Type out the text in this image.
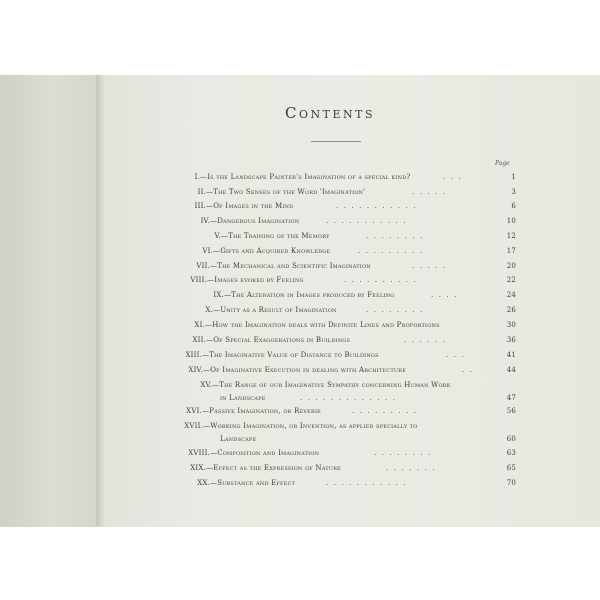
Contents
Page
I. —Is the Landscape Painter's Imagination of a special kind?	...	1
II. —The Two Senses of the Word 'Imagination'	.....	3
III. —Of Images in the Mind	...........	6
IV. —Dangerous Imagination	...........	10
V. —The Training of the Memory	........	12
VI. —Gifts and Acquired Knowledge	.........	17
VII. —The Mechanical and Scientific Imagination	.....	20
VIII. —Images evoked by Feeling	..........	22
IX. —The Alteration in Images produced by Feeling	....	24
X. —Unity as a Result of Imagination	........	26
XI. —How the Imagination deals with Definite Lines and Proportions	30
XII. —Of Special Exaggerations in Buildings	......	36
XIII. —The Imaginative Value of Distance to Buildings	...	41
XIV. —Of Imaginative Execution in dealing with Architecture	..	44
XV. —The Range of our Imaginative Sympathy concerning Human Work
in Landscape	.............	47
XVI. —Passive Imagination, or Reverie	.........	56
XVII. —Working Imagination, or Invention, as applied specially to
Landscape	60
XVIII. —Composition and Imagination	........	63
XIX. —Effect as the Expression of Nature	.......	65
XX. —Substance and Effect	...........	70
